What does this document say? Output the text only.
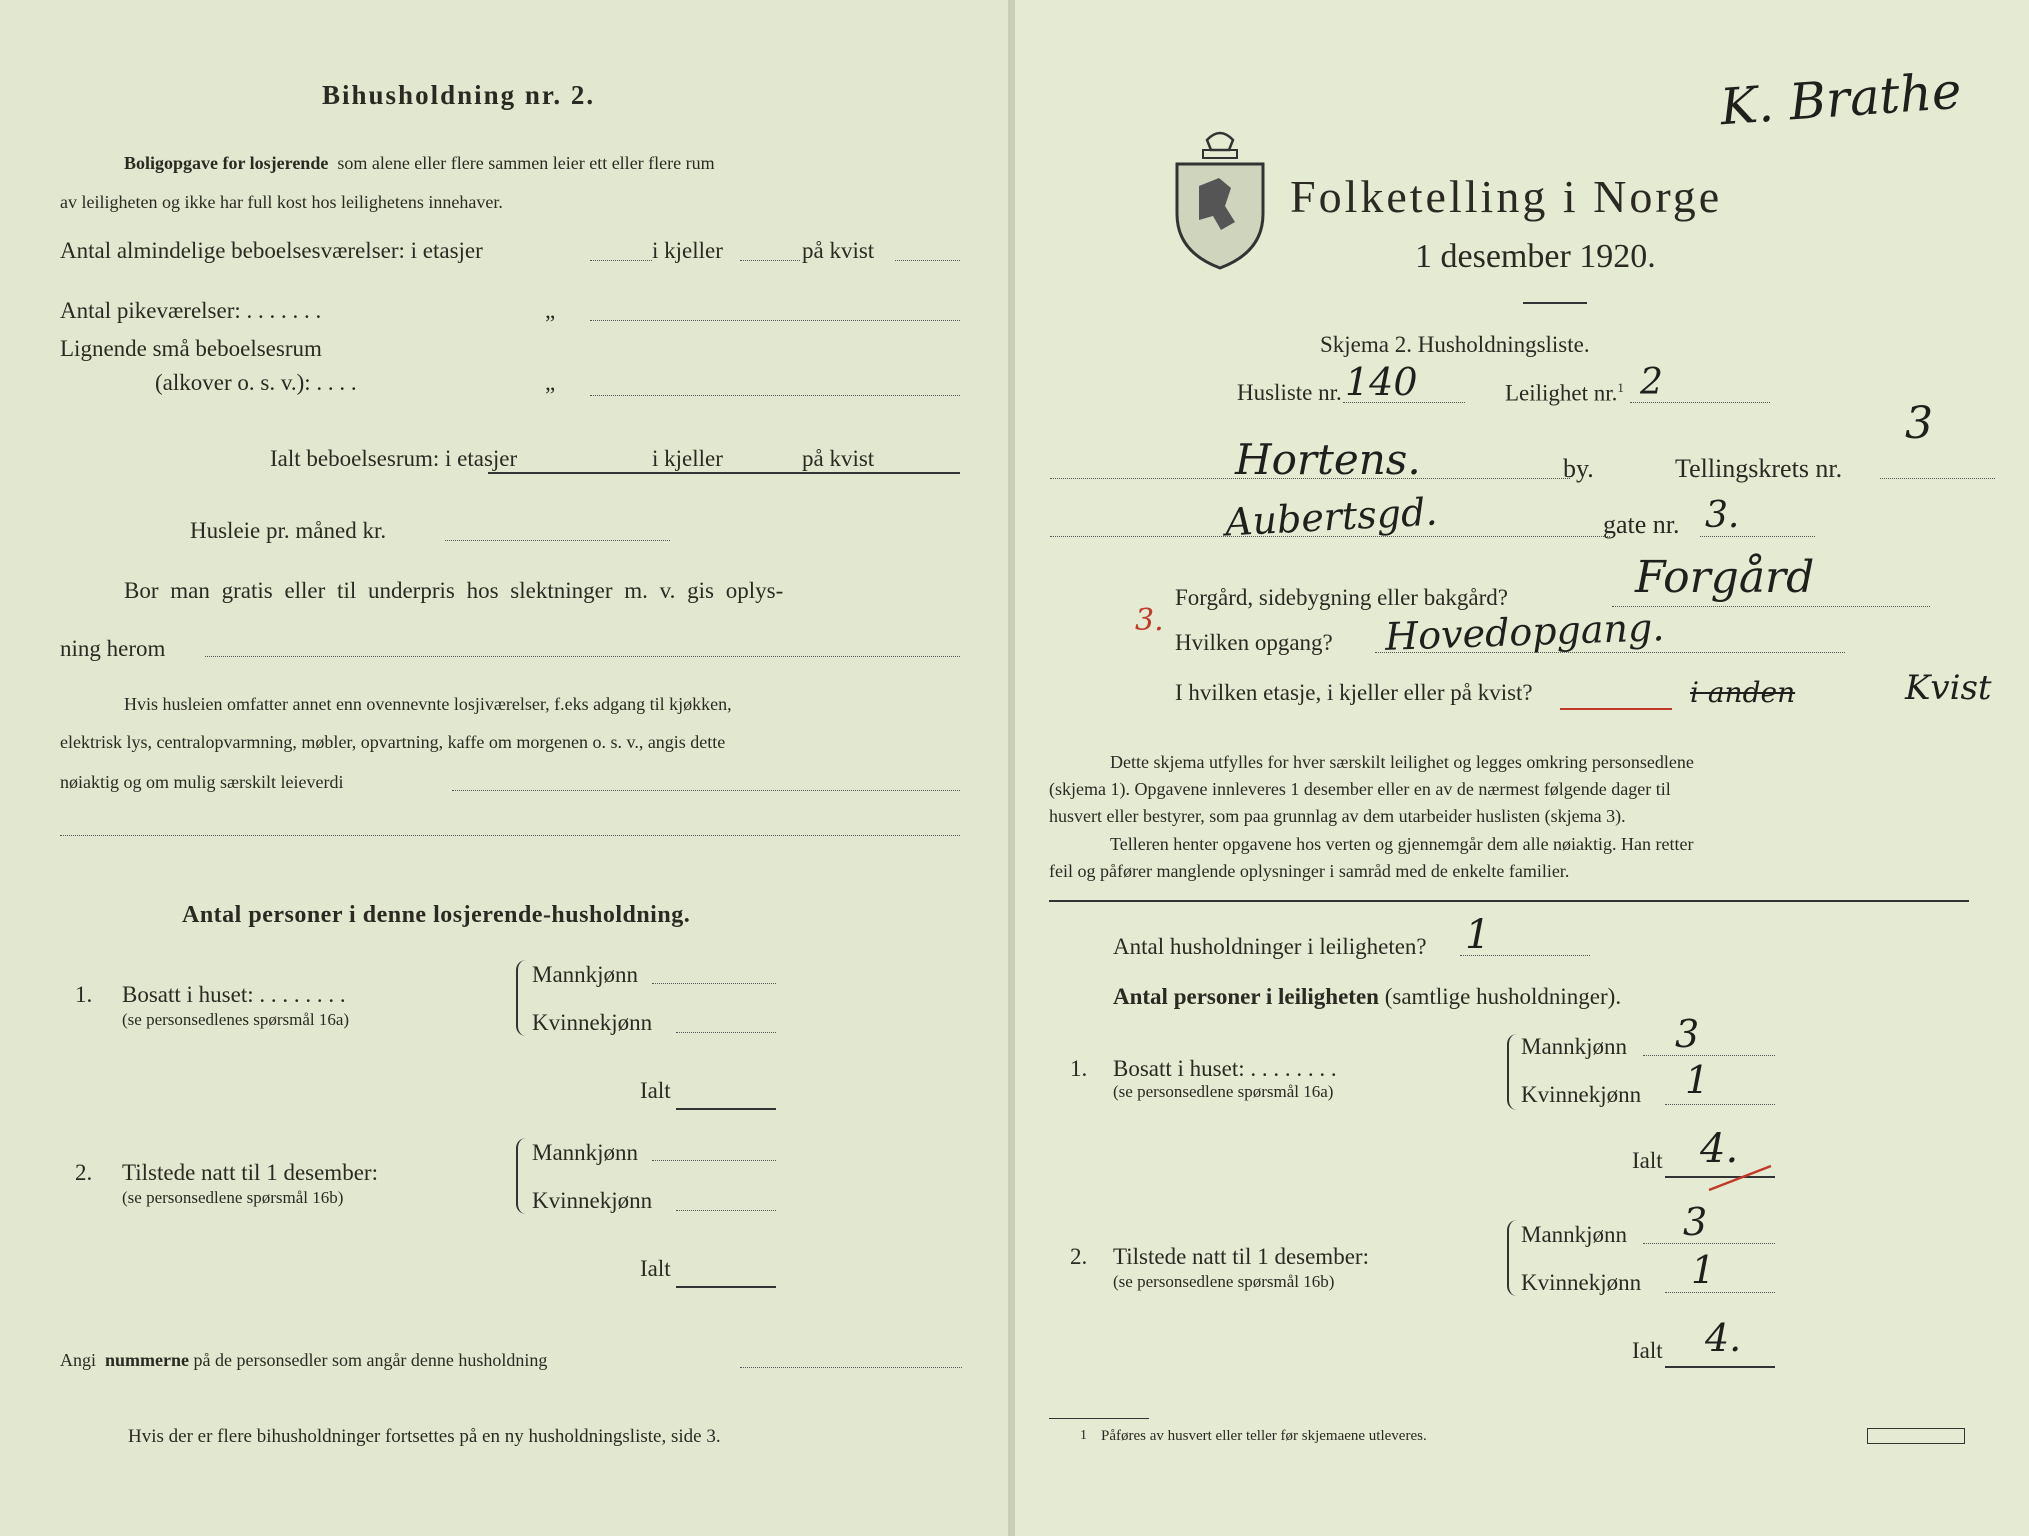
Bihusholdning nr. 2.
Boligopgave for losjerende som alene eller flere sammen leier ett eller flere rum
av leiligheten og ikke har full kost hos leilighetens innehaver.
Antal almindelige beboelsesværelser: i etasjer	i kjeller	på kvist
Antal pikeværelser: . . . . . . .	„
Lignende små beboelsesrum
(alkover o. s. v.): . . . .	„
Ialt beboelsesrum: i etasjer	i kjeller	på kvist
Husleie pr. måned kr.
Bor man gratis eller til underpris hos slektninger m. v. gis oplys-
ning herom
Hvis husleien omfatter annet enn ovennevnte losjiværelser, f.eks adgang til kjøkken,
elektrisk lys, centralopvarmning, møbler, opvartning, kaffe om morgenen o. s. v., angis dette
nøiaktig og om mulig særskilt leieverdi
Antal personer i denne losjerende-husholdning.
1. Bosatt i huset: . . . . . . . .
(se personsedlenes spørsmål 16a)
Mannkjønn
Kvinnekjønn
Ialt
2. Tilstede natt til 1 desember:
(se personsedlene spørsmål 16b)
Mannkjønn
Kvinnekjønn
Ialt
Angi nummerne på de personsedler som angår denne husholdning
Hvis der er flere bihusholdninger fortsettes på en ny husholdningsliste, side 3.
K. Brathe
Folketelling i Norge
1 desember 1920.
Skjema 2. Husholdningsliste.
Husliste nr. 140	Leilighet nr.$^1$ 2
Hortens.	by.	Tellingskrets nr.
3
Aubertsgd.	gate nr. 3.
Forgård, sidebygning eller bakgård?	Forgård
3.
Hvilken opgang? Hovedopgang.
I hvilken etasje, i kjeller eller på kvist?	i anden	Kvist
Dette skjema utfylles for hver særskilt leilighet og legges omkring personsedlene
(skjema 1). Opgavene innleveres 1 desember eller en av de nærmest følgende dager til
husvert eller bestyrer, som paa grunnlag av dem utarbeider huslisten (skjema 3).
Telleren henter opgavene hos verten og gjennemgår dem alle nøiaktig. Han retter
feil og påfører manglende oplysninger i samråd med de enkelte familier.
Antal husholdninger i leiligheten? 1
Antal personer i leiligheten (samtlige husholdninger).
1. Bosatt i huset: . . . . . . . .
(se personsedlene spørsmål 16a)
Mannkjønn 3
Kvinnekjønn 1
Ialt 4.
2. Tilstede natt til 1 desember:
(se personsedlene spørsmål 16b)
Mannkjønn 3
Kvinnekjønn 1
Ialt 4.
1 Påføres av husvert eller teller før skjemaene utleveres.
